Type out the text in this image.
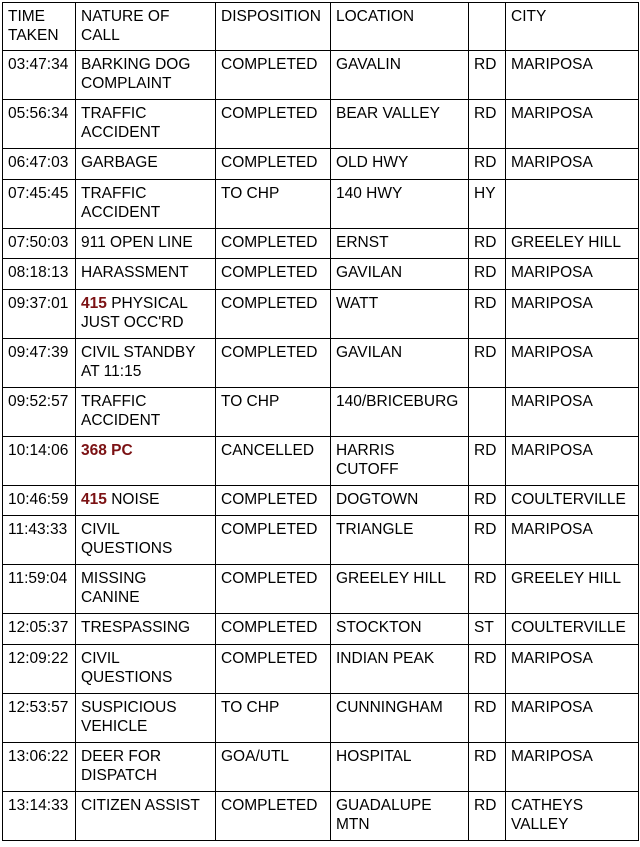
TIME
TAKEN	NATURE OF
CALL	DISPOSITION	LOCATION		CITY
03:47:34	BARKING DOG
COMPLAINT	COMPLETED	GAVALIN	RD	MARIPOSA

05:56:34	TRAFFIC
ACCIDENT	COMPLETED	BEAR VALLEY	RD	MARIPOSA

06:47:03	GARBAGE	COMPLETED	OLD HWY	RD	MARIPOSA

07:45:45	TRAFFIC
ACCIDENT	TO CHP	140 HWY	HY	

07:50:03	911 OPEN LINE	COMPLETED	ERNST	RD	GREELEY HILL

08:18:13	HARASSMENT	COMPLETED	GAVILAN	RD	MARIPOSA

09:37:01	415 PHYSICAL
JUST OCC'RD	COMPLETED	WATT	RD	MARIPOSA

09:47:39	CIVIL STANDBY
AT 11:15	COMPLETED	GAVILAN	RD	MARIPOSA

09:52:57	TRAFFIC
ACCIDENT	TO CHP	140/BRICEBURG		MARIPOSA

10:14:06	368 PC	CANCELLED	HARRIS
CUTOFF	RD	MARIPOSA

10:46:59	415 NOISE	COMPLETED	DOGTOWN	RD	COULTERVILLE

11:43:33	CIVIL
QUESTIONS	COMPLETED	TRIANGLE	RD	MARIPOSA

11:59:04	MISSING
CANINE	COMPLETED	GREELEY HILL	RD	GREELEY HILL

12:05:37	TRESPASSING	COMPLETED	STOCKTON	ST	COULTERVILLE

12:09:22	CIVIL
QUESTIONS	COMPLETED	INDIAN PEAK	RD	MARIPOSA

12:53:57	SUSPICIOUS
VEHICLE	TO CHP	CUNNINGHAM	RD	MARIPOSA

13:06:22	DEER FOR
DISPATCH	GOA/UTL	HOSPITAL	RD	MARIPOSA

13:14:33	CITIZEN ASSIST	COMPLETED	GUADALUPE
MTN	RD	CATHEYS
VALLEY
